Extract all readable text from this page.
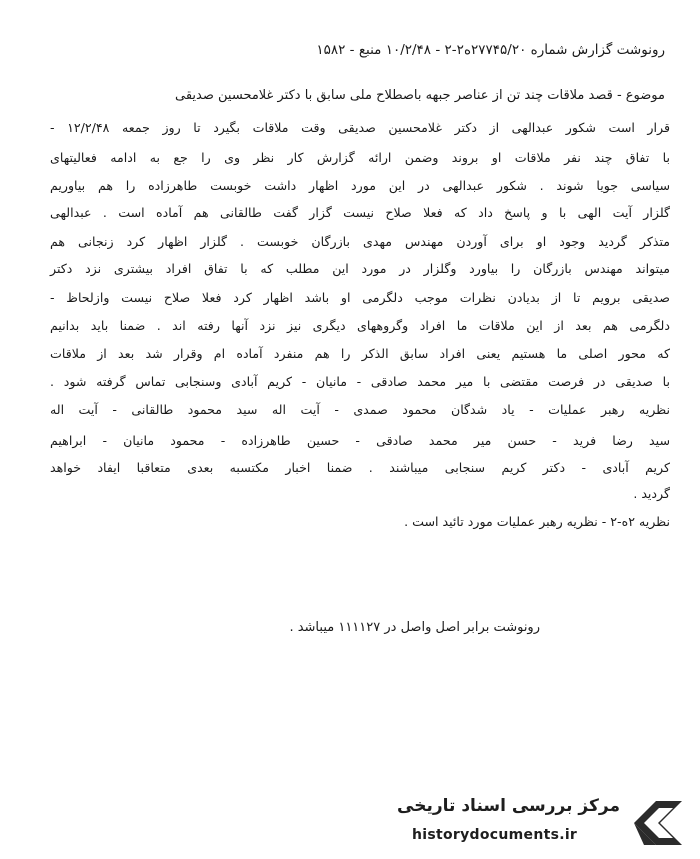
رونوشت گزارش شماره ۲۷۷۴۵/۲۰ه۲-۲ - ۱۰/۲/۴۸ منبع - ۱۵۸۲
موضوع - قصد ملاقات چند تن از عناصر جبهه باصطلاح ملی سابق با دکتر غلامحسین صدیقی
قرار است شکور عبدالهی از دکتر غلامحسین صدیقی وقت ملاقات بگیرد تا روز جمعه ۱۲/۲/۴۸ -
با تفاق چند نفر ملاقات او بروند وضمن ارائه گزارش کار نظر وی را جع به ادامه فعالیتهای
سیاسی جویا شوند . شکور عبدالهی در این مورد اظهار داشت خوبست طاهرزاده را هم بیاوریم
گلزار آیت الهی با و پاسخ داد که فعلا صلاح نیست گزار گفت طالقانی هم آماده است . عبدالهی
متذکر گردید وجود او برای آوردن مهندس مهدی بازرگان خوبست . گلزار اظهار کرد زنجانی هم
میتواند مهندس بازرگان را بیاورد وگلزار در مورد این مطلب که با تفاق افراد بیشتری نزد دکتر
صدیقی برویم تا از بدیادن نظرات موجب دلگرمی او باشد اظهار کرد فعلا صلاح نیست وازلحاظ -
دلگرمی هم بعد از این ملاقات ما افراد وگروههای دیگری نیز نزد آنها رفته اند . ضمنا باید بدانیم
که محور اصلی ما هستیم یعنی افراد سابق الذکر را هم منفرد آماده ام وقرار شد بعد از ملاقات
با صدیقی در فرصت مقتضی با میر محمد صادقی - مانیان - کریم آبادی وسنجابی تماس گرفته شود .
نظریه رهبر عملیات - یاد شدگان محمود صمدی - آیت اله سید محمود طالقانی - آیت اله
سید رضا فرید - حسن میر محمد صادقی - حسین طاهرزاده - محمود مانیان - ابراهیم
کریم آبادی - دکتر کریم سنجابی میباشند . ضمنا اخبار مکتسبه بعدی متعاقبا ایفاد خواهد
گردید .
نظریه ۲ه-۲ - نظریه رهبر عملیات مورد تائید است .
رونوشت برابر اصل واصل در ۱۱۱۱۲۷ میباشد .
مرکز بررسی اسناد تاریخی
historydocuments.ir
